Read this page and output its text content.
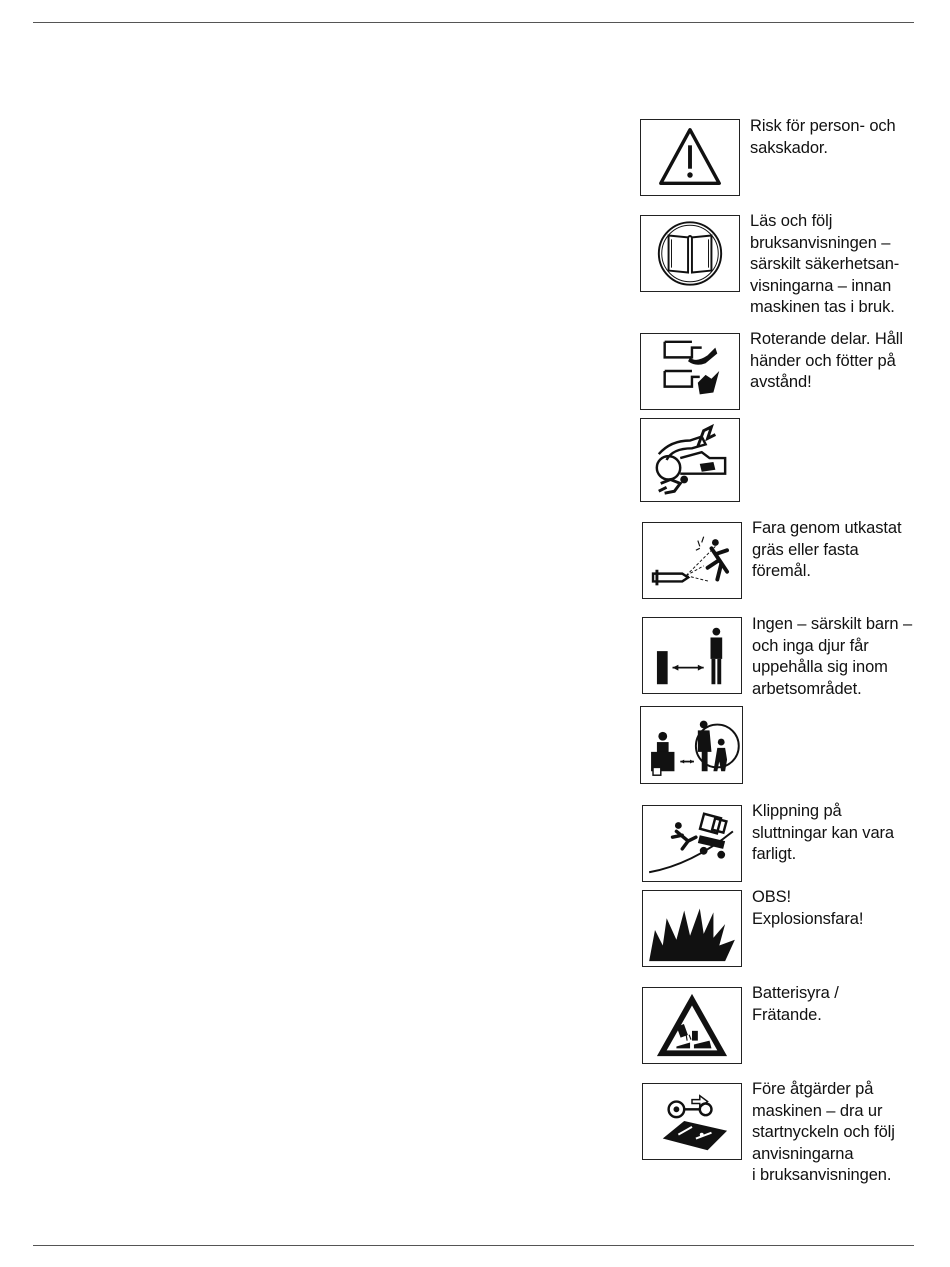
Risk för person- och
sakskador.
Läs och följ
bruksanvisningen –
särskilt säkerhetsan-
visningarna – innan
maskinen tas i bruk.
Roterande delar. Håll
händer och fötter på
avstånd!
Fara genom utkastat
gräs eller fasta
föremål.
Ingen – särskilt barn –
och inga djur får
uppehålla sig inom
arbetsområdet.
Klippning på
sluttningar kan vara
farligt.
OBS!
Explosionsfara!
Batterisyra /
Frätande.
Före åtgärder på
maskinen – dra ur
startnyckeln och följ
anvisningarna
i bruksanvisningen.
